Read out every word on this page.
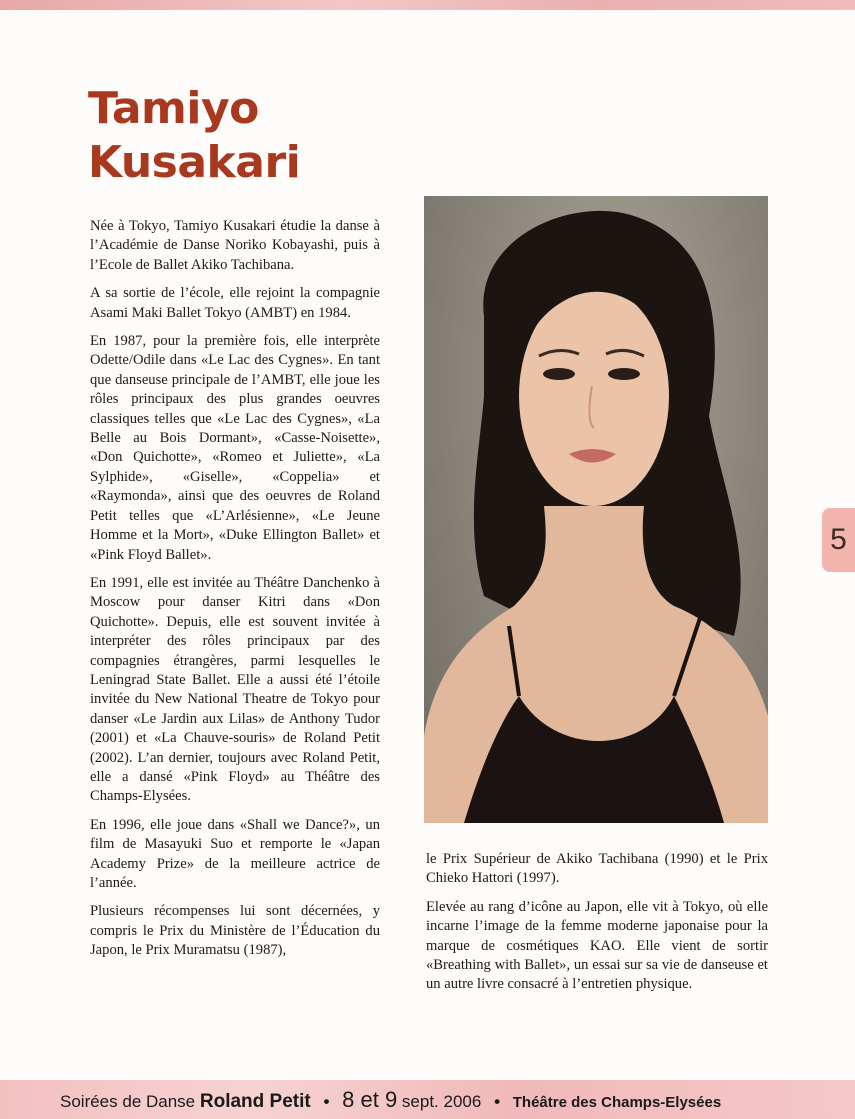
Tamiyo
Kusakari

Née à Tokyo, Tamiyo Kusakari étudie la danse à l’Académie de Danse Noriko Kobayashi, puis à l’Ecole de Ballet Akiko Tachibana.

A sa sortie de l’école, elle rejoint la compagnie Asami Maki Ballet Tokyo (AMBT) en 1984.

En 1987, pour la première fois, elle interprète Odette/Odile dans «Le Lac des Cygnes». En tant que danseuse principale de l’AMBT, elle joue les rôles principaux des plus grandes oeuvres classiques telles que «Le Lac des Cygnes», «La Belle au Bois Dormant», «Casse-Noisette», «Don Quichotte», «Romeo et Juliette», «La Sylphide», «Giselle», «Coppelia» et «Raymonda», ainsi que des oeuvres de Roland Petit telles que «L’Arlésienne», «Le Jeune Homme et la Mort», «Duke Ellington Ballet» et «Pink Floyd Ballet».

En 1991, elle est invitée au Théâtre Danchenko à Moscow pour danser Kitri dans «Don Quichotte». Depuis, elle est souvent invitée à interpréter des rôles principaux par des compagnies étrangères, parmi lesquelles le Leningrad State Ballet. Elle a aussi été l’étoile invitée du New National Theatre de Tokyo pour danser «Le Jardin aux Lilas» de Anthony Tudor (2001) et «La Chauve-souris» de Roland Petit (2002). L’an dernier, toujours avec Roland Petit, elle a dansé «Pink Floyd» au Théâtre des Champs-Elysées.

En 1996, elle joue dans «Shall we Dance?», un film de Masayuki Suo et remporte le «Japan Academy Prize» de la meilleure actrice de l’année.

Plusieurs récompenses lui sont décernées, y compris le Prix du Ministère de l’Éducation du Japon, le Prix Muramatsu (1987),

le Prix Supérieur de Akiko Tachibana (1990) et le Prix Chieko Hattori (1997).

Elevée au rang d’icône au Japon, elle vit à Tokyo, où elle incarne l’image de la femme moderne japonaise pour la marque de cosmétiques KAO. Elle vient de sortir «Breathing with Ballet», un essai sur sa vie de danseuse et un autre livre consacré à l’entretien physique.

5
Soirées de Danse Roland Petit • 8 et 9 sept. 2006 • Théâtre des Champs-Elysées
